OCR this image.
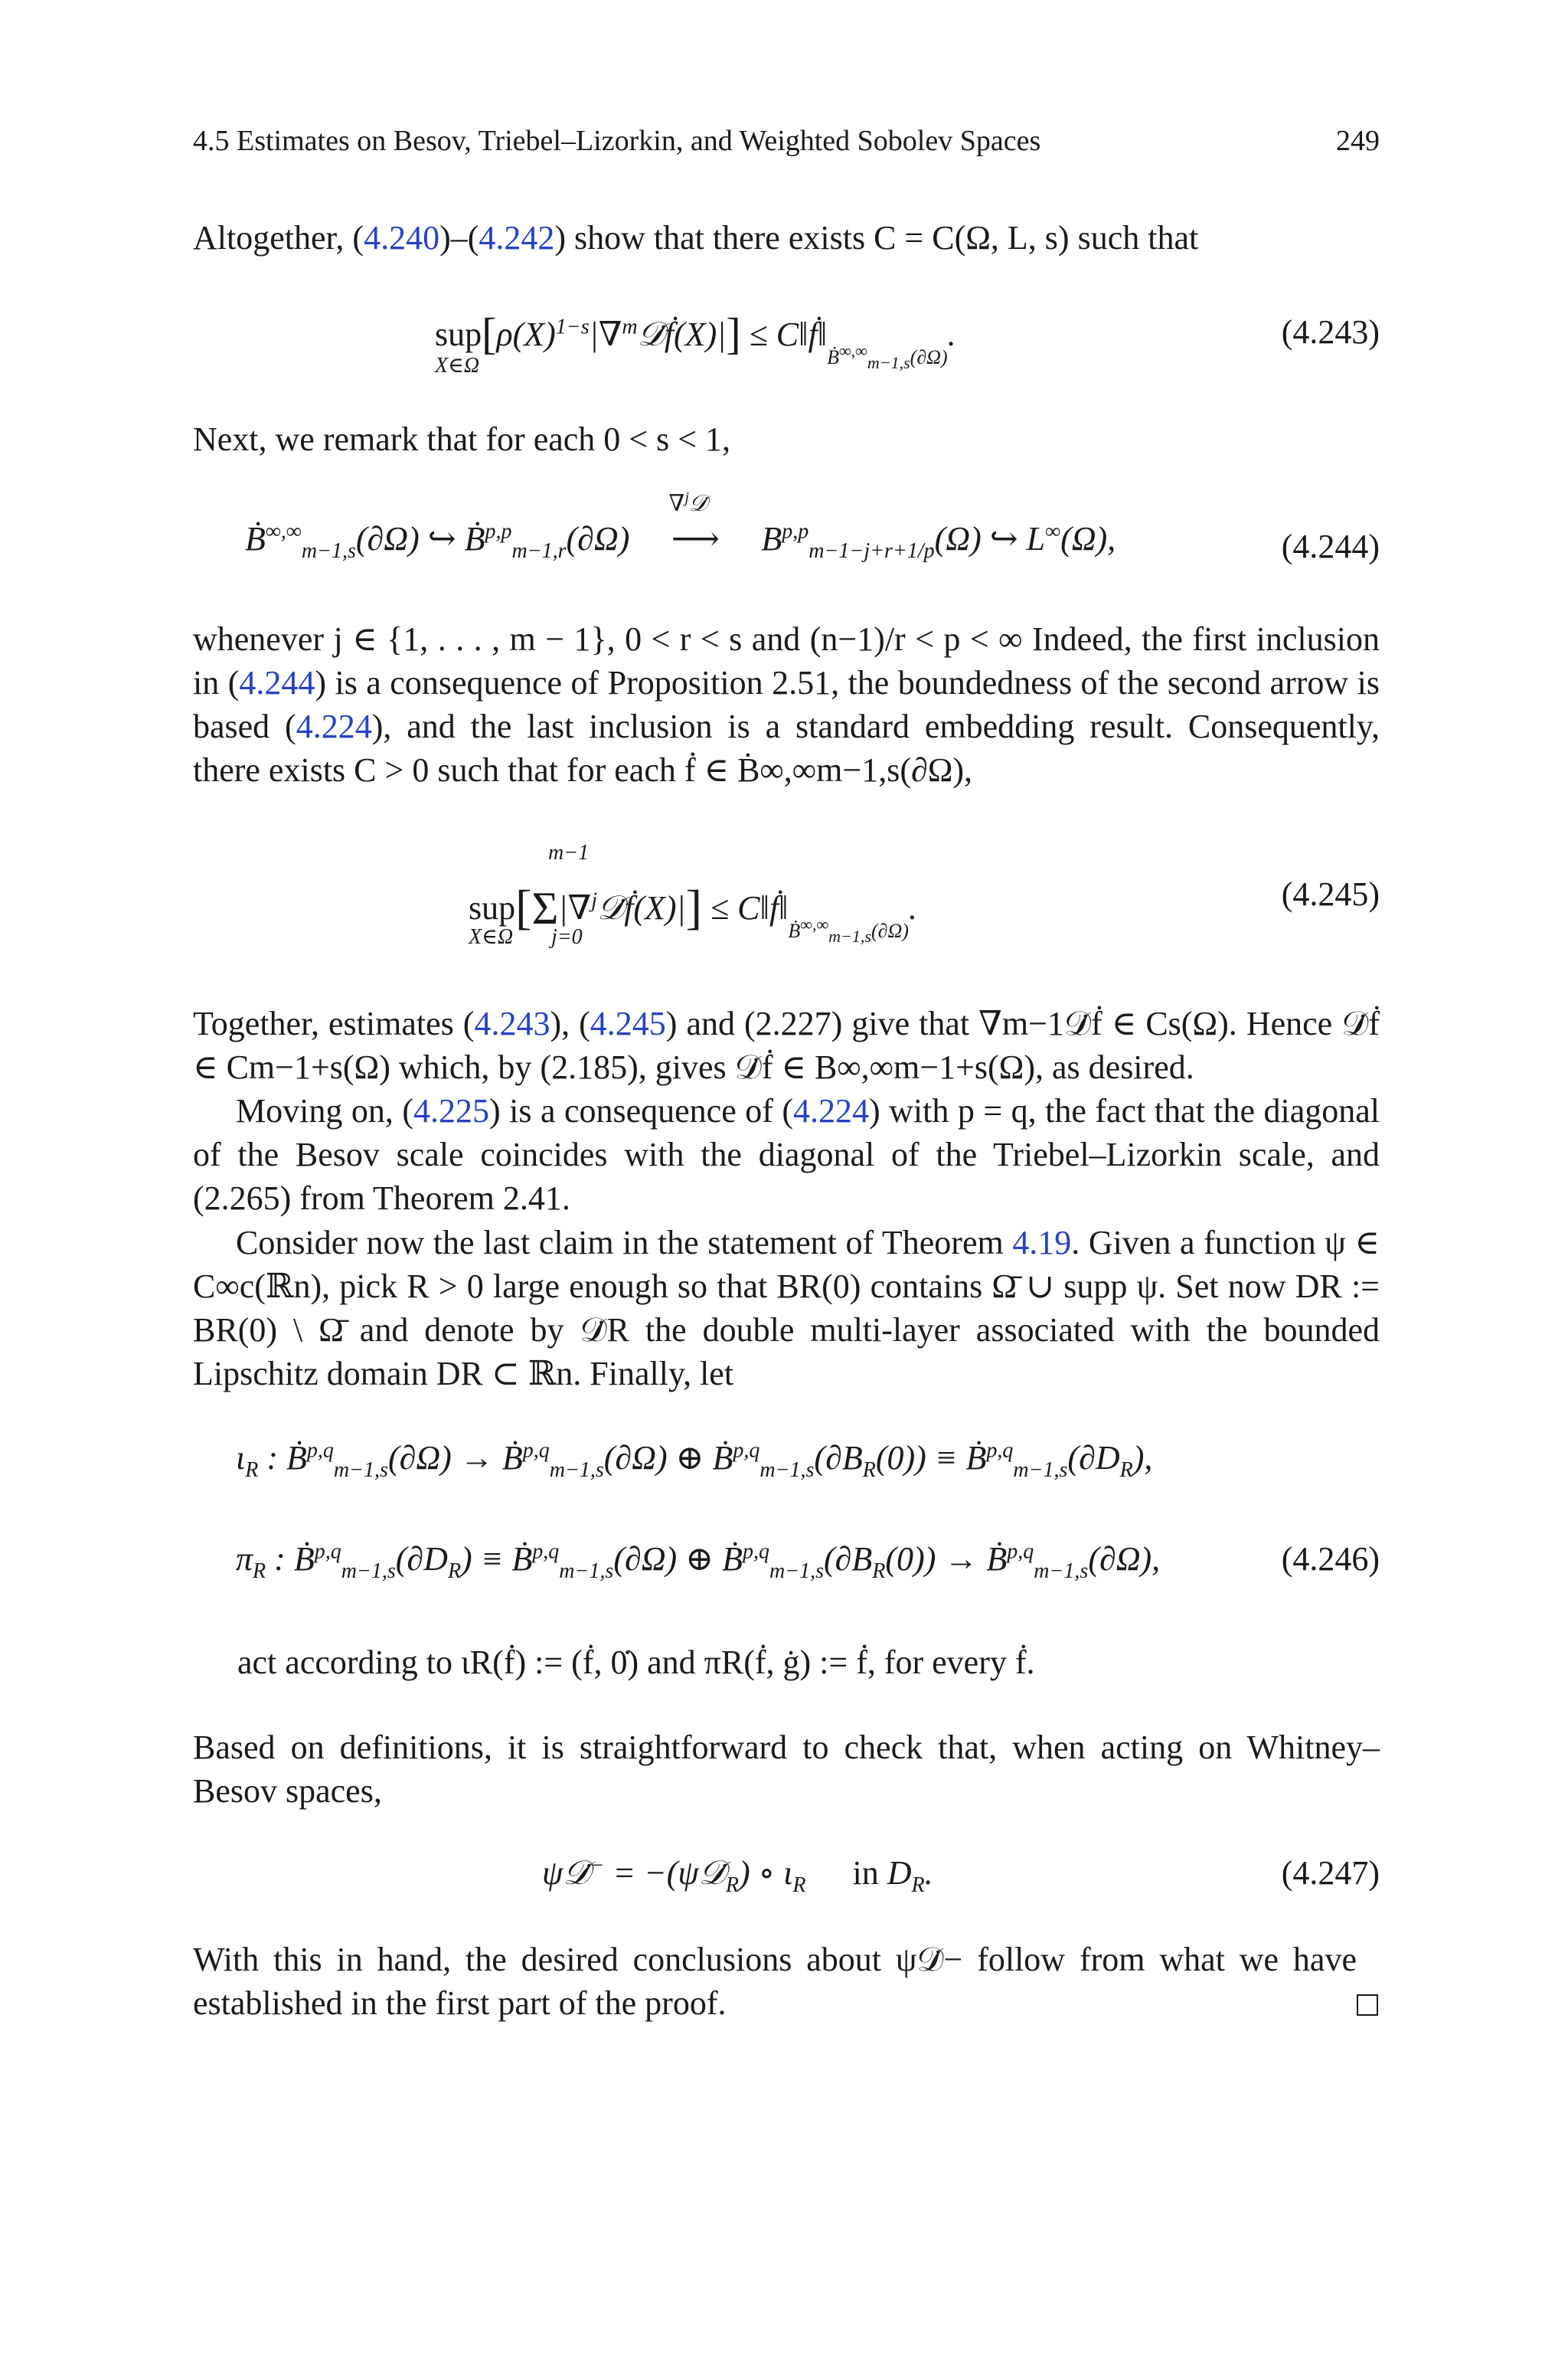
4.5 Estimates on Besov, Triebel–Lizorkin, and Weighted Sobolev Spaces	249
Altogether, (4.240)–(4.242) show that there exists C = C(Ω, L, s) such that
$sup[\rho(X)^{1-s}|\nabla^m𝒟̇ḟ(X)|]$ ≤ $C‖ḟ‖_{Ḃ^{\infty,\infty}_{m-1,s}(\partial\Omega)}$.
X∈Ω
(4.243)
Next, we remark that for each 0 < s < 1,
Ḃ∞,∞$_{m-1,s}$(∂Ω) ↪ Ḃ$^{p,p}_{m-1,r}$(∂Ω)
∇$^j$𝒟̇
⟶ B$^{p,p}_{m-1-j+r+1/p}$(Ω) ↪ L∞(Ω),	(4.244)
whenever j ∈ {1, . . . , m − 1}, 0 < r < s and (n−1)/r < p < ∞ Indeed, the first inclusion in (4.244) is a consequence of Proposition 2.51, the boundedness of the second arrow is based (4.224), and the last inclusion is a standard embedding result. Consequently, there exists C > 0 such that for each ḟ ∈ Ḃ∞,∞m−1,s(∂Ω),
sup[Σ|∇$^j$𝒟̇ḟ(X)|] ≤ $C‖ḟ‖_{Ḃ^{\infty,\infty}_{m-1,s}(\partial\Omega)}$.
m−1
j=0
X∈Ω
(4.245)
Together, estimates (4.243), (4.245) and (2.227) give that ∇m−1𝒟̇ḟ ∈ Cs(Ω). Hence 𝒟̇ḟ ∈ Cm−1+s(Ω) which, by (2.185), gives 𝒟̇ḟ ∈ B∞,∞m−1+s(Ω), as desired.
Moving on, (4.225) is a consequence of (4.224) with p = q, the fact that the diagonal of the Besov scale coincides with the diagonal of the Triebel–Lizorkin scale, and (2.265) from Theorem 2.41.
Consider now the last claim in the statement of Theorem 4.19. Given a function ψ ∈ C∞c(ℝn), pick R > 0 large enough so that BR(0) contains Ω̄ ∪ supp ψ. Set now DR := BR(0) \ Ω̄ and denote by 𝒟̇R the double multi-layer associated with the bounded Lipschitz domain DR ⊂ ℝn. Finally, let
$\iota_R$ : Ḃ$^{p,q}_{m-1,s}$(∂Ω) → Ḃ$^{p,q}_{m-1,s}$(∂Ω) ⊕ $Ḃ^{p,q}_{m-1,s}(\partial B_R(0))$ ≡ $Ḃ^{p,q}_{m-1,s}(\partial D_R)$,
$\pi_R$ : $Ḃ^{p,q}_{m-1,s}(\partial D_R)$ ≡ Ḃ$^{p,q}_{m-1,s}$(∂Ω) ⊕ $Ḃ^{p,q}_{m-1,s}(\partial B_R(0))$ → Ḃ$^{p,q}_{m-1,s}$(∂Ω),	(4.246)
act according to ιR(ḟ) := (ḟ, 0̇) and πR(ḟ, ġ) := ḟ, for every ḟ.
Based on definitions, it is straightforward to check that, when acting on Whitney–Besov spaces,
ψ𝒟̇− = $-(\psi 𝒟̇_R)$ ∘ $\iota_R$ in $D_R$.	(4.247)
With this in hand, the desired conclusions about ψ𝒟̇− follow from what we have established in the first part of the proof.
